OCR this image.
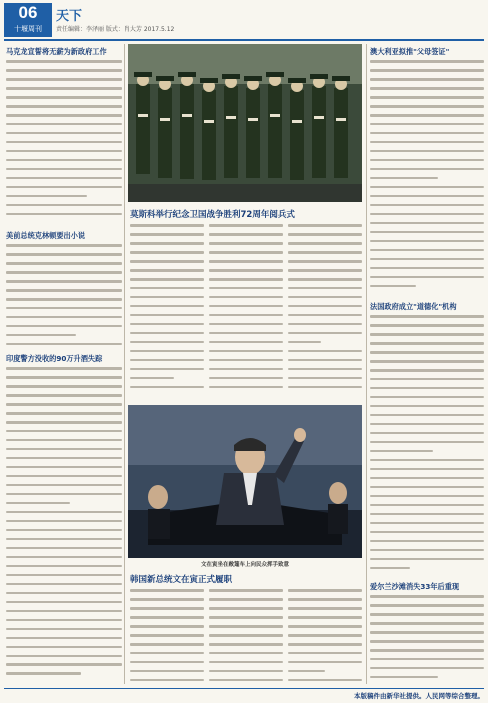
06
十堰周刊
天下
责任编辑：李泽丽 版式：肖大芳 2017.5.12
马克龙宣誓将无薪为新政府工作
美前总统克林顿要出小说
印度警方没收的90万升酒失踪
莫斯科举行纪念卫国战争胜利72周年阅兵式
文在寅坐在敞篷车上向民众挥手致意
韩国新总统文在寅正式履职
澳大利亚拟推"父母签证"
法国政府成立"道德化"机构
爱尔兰沙滩消失33年后重现
本版稿件由新华社提供。人民网等综合整理。
